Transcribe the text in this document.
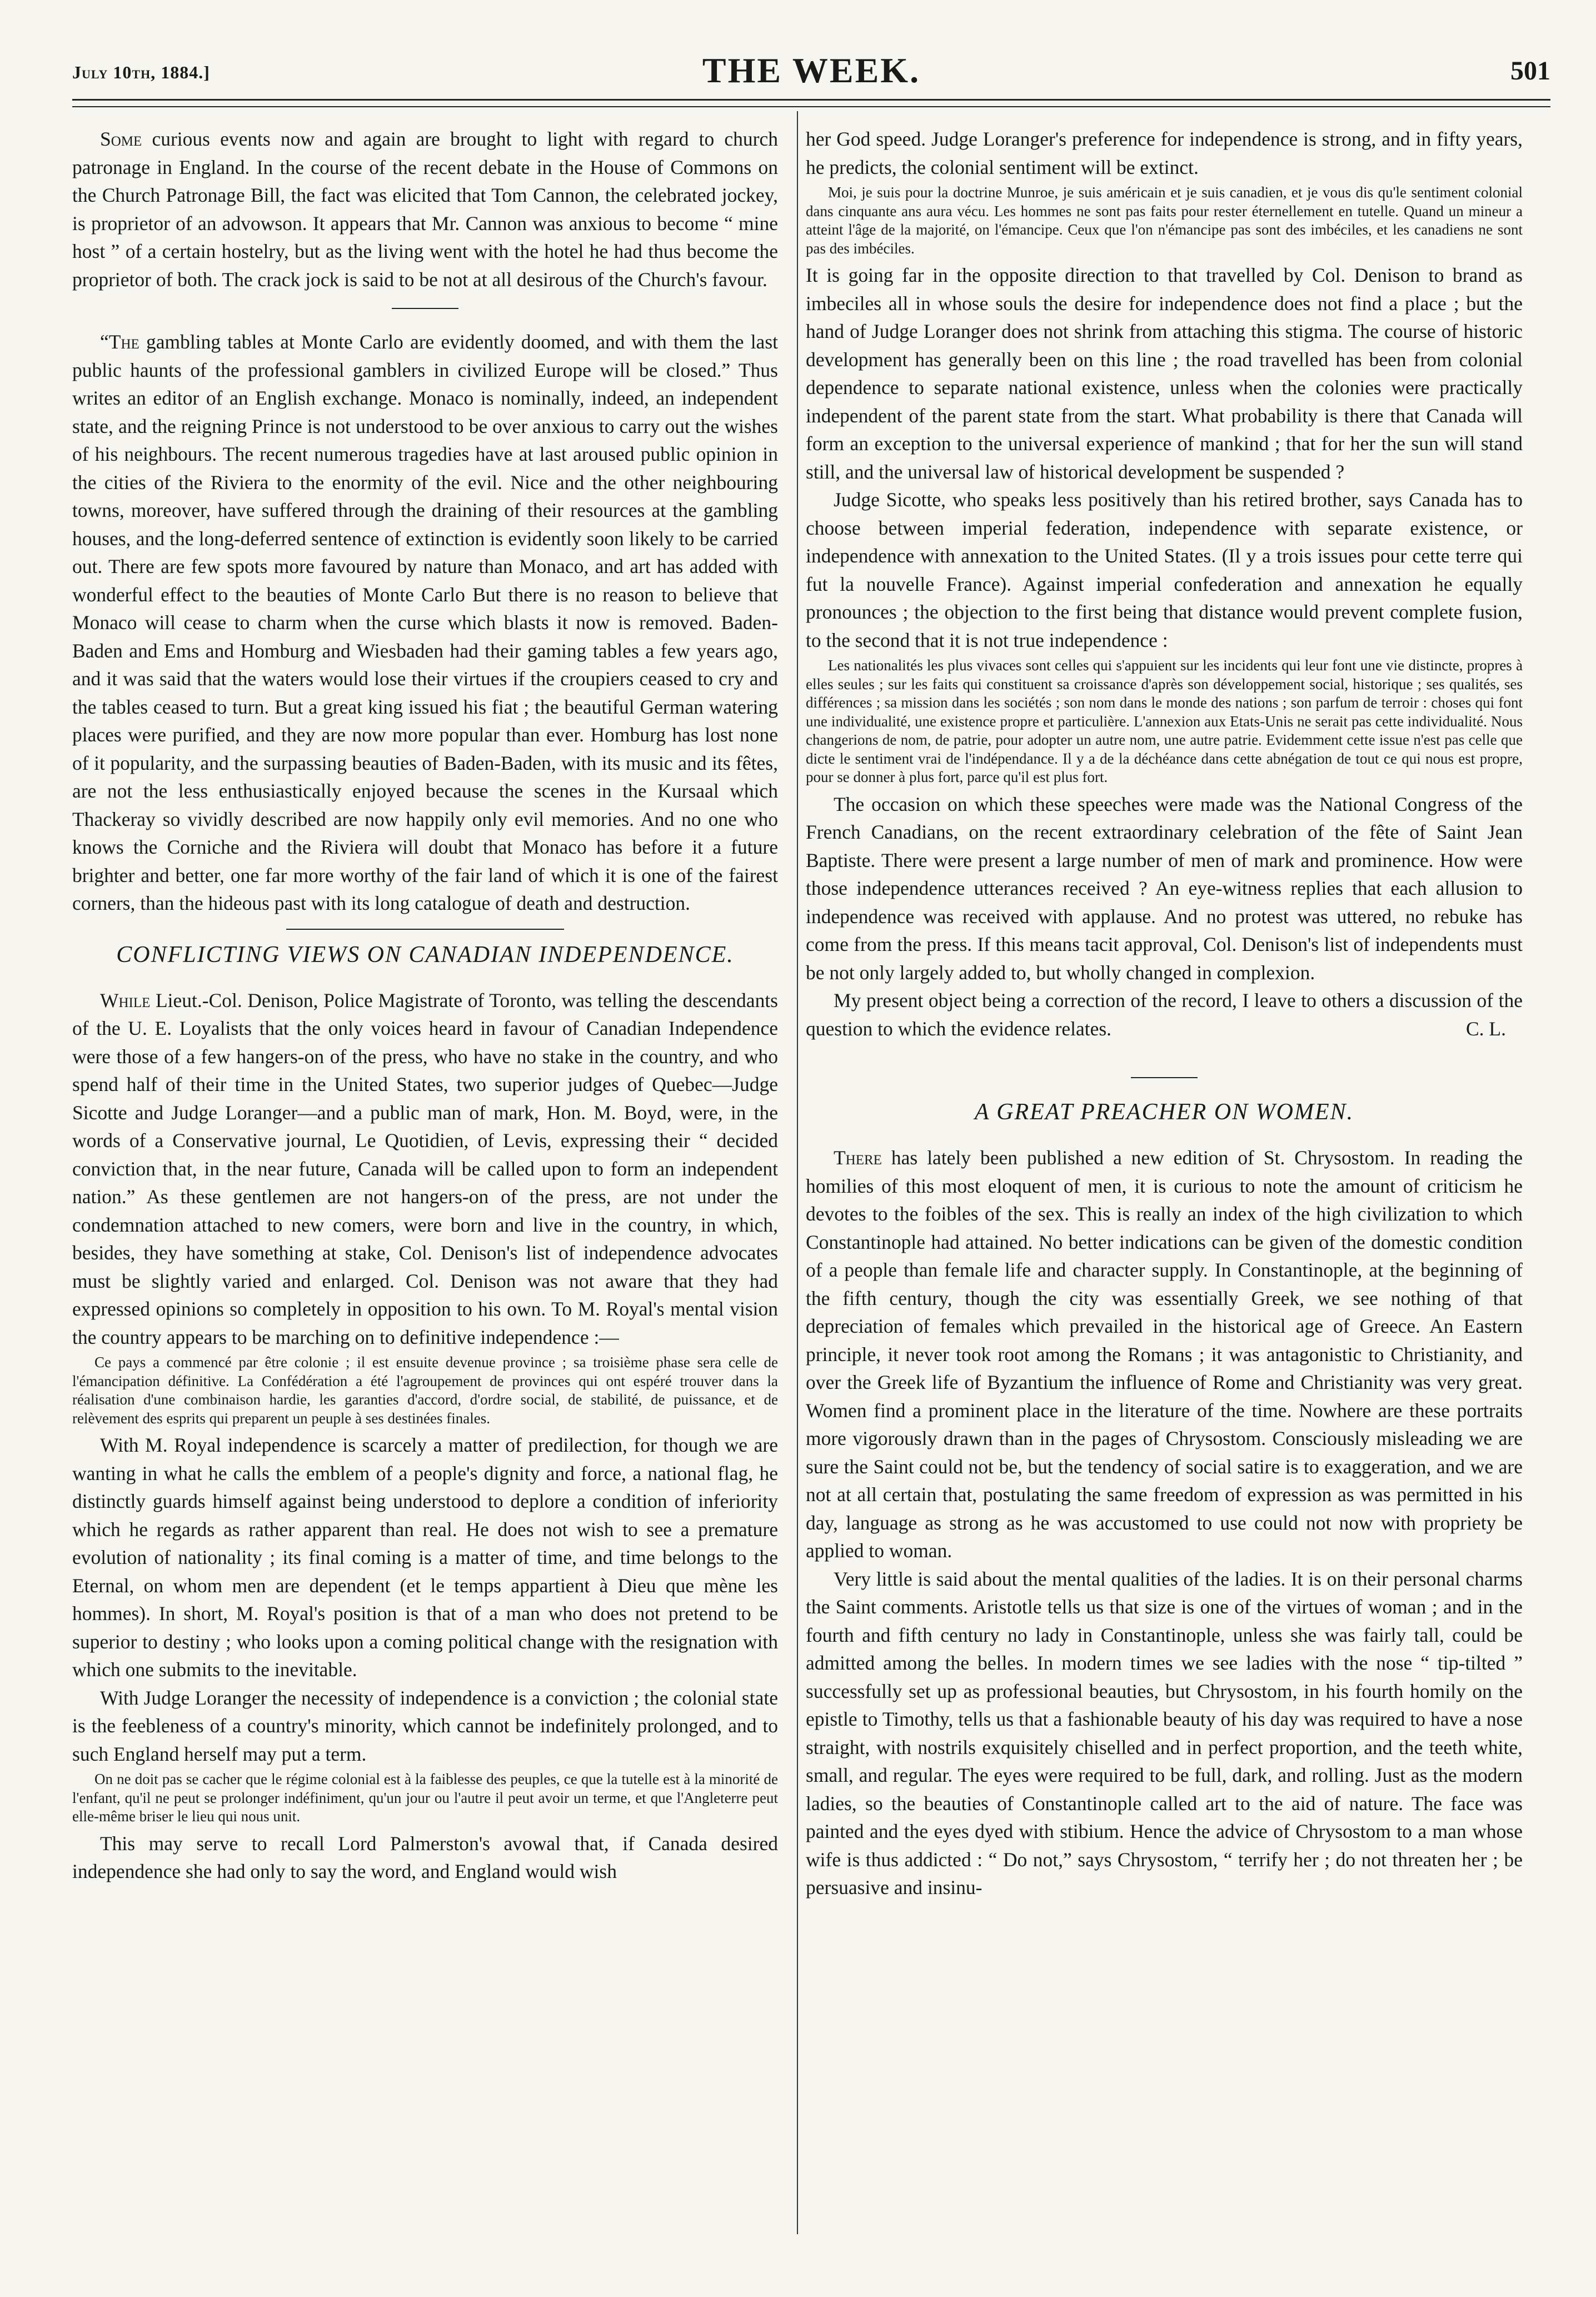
July 10th, 1884.]	THE WEEK.	501

Some curious events now and again are brought to light with regard to church patronage in England. In the course of the recent debate in the House of Commons on the Church Patronage Bill, the fact was elicited that Tom Cannon, the celebrated jockey, is proprietor of an advowson. It appears that Mr. Cannon was anxious to become “ mine host ” of a certain hostelry, but as the living went with the hotel he had thus become the proprietor of both. The crack jock is said to be not at all desirous of the Church's favour.

“The gambling tables at Monte Carlo are evidently doomed, and with them the last public haunts of the professional gamblers in civilized Europe will be closed.” Thus writes an editor of an English exchange. Monaco is nominally, indeed, an independent state, and the reigning Prince is not understood to be over anxious to carry out the wishes of his neighbours. The recent numerous tragedies have at last aroused public opinion in the cities of the Riviera to the enormity of the evil. Nice and the other neighbouring towns, moreover, have suffered through the draining of their resources at the gambling houses, and the long-deferred sentence of extinction is evidently soon likely to be carried out. There are few spots more favoured by nature than Monaco, and art has added with wonderful effect to the beauties of Monte Carlo But there is no reason to believe that Monaco will cease to charm when the curse which blasts it now is removed. Baden-Baden and Ems and Homburg and Wiesbaden had their gaming tables a few years ago, and it was said that the waters would lose their virtues if the croupiers ceased to cry and the tables ceased to turn. But a great king issued his fiat ; the beautiful German watering places were purified, and they are now more popular than ever. Homburg has lost none of it popularity, and the surpassing beauties of Baden-Baden, with its music and its fêtes, are not the less enthusiastically enjoyed because the scenes in the Kursaal which Thackeray so vividly described are now happily only evil memories. And no one who knows the Corniche and the Riviera will doubt that Monaco has before it a future brighter and better, one far more worthy of the fair land of which it is one of the fairest corners, than the hideous past with its long catalogue of death and destruction.

CONFLICTING VIEWS ON CANADIAN INDEPENDENCE.

While Lieut.-Col. Denison, Police Magistrate of Toronto, was telling the descendants of the U. E. Loyalists that the only voices heard in favour of Canadian Independence were those of a few hangers-on of the press, who have no stake in the country, and who spend half of their time in the United States, two superior judges of Quebec—Judge Sicotte and Judge Loranger—and a public man of mark, Hon. M. Boyd, were, in the words of a Conservative journal, Le Quotidien, of Levis, expressing their “ decided conviction that, in the near future, Canada will be called upon to form an independent nation.” As these gentlemen are not hangers-on of the press, are not under the condemnation attached to new comers, were born and live in the country, in which, besides, they have something at stake, Col. Denison's list of independence advocates must be slightly varied and enlarged. Col. Denison was not aware that they had expressed opinions so completely in opposition to his own. To M. Royal's mental vision the country appears to be marching on to definitive independence :—

Ce pays a commencé par être colonie ; il est ensuite devenue province ; sa troisième phase sera celle de l'émancipation définitive. La Confédération a été l'agroupement de provinces qui ont espéré trouver dans la réalisation d'une combinaison hardie, les garanties d'accord, d'ordre social, de stabilité, de puissance, et de relèvement des esprits qui preparent un peuple à ses destinées finales.

With M. Royal independence is scarcely a matter of predilection, for though we are wanting in what he calls the emblem of a people's dignity and force, a national flag, he distinctly guards himself against being understood to deplore a condition of inferiority which he regards as rather apparent than real. He does not wish to see a premature evolution of nationality ; its final coming is a matter of time, and time belongs to the Eternal, on whom men are dependent (et le temps appartient à Dieu que mène les hommes). In short, M. Royal's position is that of a man who does not pretend to be superior to destiny ; who looks upon a coming political change with the resignation with which one submits to the inevitable.

With Judge Loranger the necessity of independence is a conviction ; the colonial state is the feebleness of a country's minority, which cannot be indefinitely prolonged, and to such England herself may put a term.

On ne doit pas se cacher que le régime colonial est à la faiblesse des peuples, ce que la tutelle est à la minorité de l'enfant, qu'il ne peut se prolonger indéfiniment, qu'un jour ou l'autre il peut avoir un terme, et que l'Angleterre peut elle-même briser le lieu qui nous unit.

This may serve to recall Lord Palmerston's avowal that, if Canada desired independence she had only to say the word, and England would wish

her God speed. Judge Loranger's preference for independence is strong, and in fifty years, he predicts, the colonial sentiment will be extinct.

Moi, je suis pour la doctrine Munroe, je suis américain et je suis canadien, et je vous dis qu'le sentiment colonial dans cinquante ans aura vécu. Les hommes ne sont pas faits pour rester éternellement en tutelle. Quand un mineur a atteint l'âge de la majorité, on l'émancipe. Ceux que l'on n'émancipe pas sont des imbéciles, et les canadiens ne sont pas des imbéciles.

It is going far in the opposite direction to that travelled by Col. Denison to brand as imbeciles all in whose souls the desire for independence does not find a place ; but the hand of Judge Loranger does not shrink from attaching this stigma. The course of historic development has generally been on this line ; the road travelled has been from colonial dependence to separate national existence, unless when the colonies were practically independent of the parent state from the start. What probability is there that Canada will form an exception to the universal experience of mankind ; that for her the sun will stand still, and the universal law of historical development be suspended ?

Judge Sicotte, who speaks less positively than his retired brother, says Canada has to choose between imperial federation, independence with separate existence, or independence with annexation to the United States. (Il y a trois issues pour cette terre qui fut la nouvelle France). Against imperial confederation and annexation he equally pronounces ; the objection to the first being that distance would prevent complete fusion, to the second that it is not true independence :

Les nationalités les plus vivaces sont celles qui s'appuient sur les incidents qui leur font une vie distincte, propres à elles seules ; sur les faits qui constituent sa croissance d'après son développement social, historique ; ses qualités, ses différences ; sa mission dans les sociétés ; son nom dans le monde des nations ; son parfum de terroir : choses qui font une individualité, une existence propre et particulière. L'annexion aux Etats-Unis ne serait pas cette individualité. Nous changerions de nom, de patrie, pour adopter un autre nom, une autre patrie. Evidemment cette issue n'est pas celle que dicte le sentiment vrai de l'indépendance. Il y a de la déchéance dans cette abnégation de tout ce qui nous est propre, pour se donner à plus fort, parce qu'il est plus fort.

The occasion on which these speeches were made was the National Congress of the French Canadians, on the recent extraordinary celebration of the fête of Saint Jean Baptiste. There were present a large number of men of mark and prominence. How were those independence utterances received ? An eye-witness replies that each allusion to independence was received with applause. And no protest was uttered, no rebuke has come from the press. If this means tacit approval, Col. Denison's list of independents must be not only largely added to, but wholly changed in complexion.

My present object being a correction of the record, I leave to others a discussion of the question to which the evidence relates.	C. L.

A GREAT PREACHER ON WOMEN.

There has lately been published a new edition of St. Chrysostom. In reading the homilies of this most eloquent of men, it is curious to note the amount of criticism he devotes to the foibles of the sex. This is really an index of the high civilization to which Constantinople had attained. No better indications can be given of the domestic condition of a people than female life and character supply. In Constantinople, at the beginning of the fifth century, though the city was essentially Greek, we see nothing of that depreciation of females which prevailed in the historical age of Greece. An Eastern principle, it never took root among the Romans ; it was antagonistic to Christianity, and over the Greek life of Byzantium the influence of Rome and Christianity was very great. Women find a prominent place in the literature of the time. Nowhere are these portraits more vigorously drawn than in the pages of Chrysostom. Consciously misleading we are sure the Saint could not be, but the tendency of social satire is to exaggeration, and we are not at all certain that, postulating the same freedom of expression as was permitted in his day, language as strong as he was accustomed to use could not now with propriety be applied to woman.

Very little is said about the mental qualities of the ladies. It is on their personal charms the Saint comments. Aristotle tells us that size is one of the virtues of woman ; and in the fourth and fifth century no lady in Constantinople, unless she was fairly tall, could be admitted among the belles. In modern times we see ladies with the nose “ tip-tilted ” successfully set up as professional beauties, but Chrysostom, in his fourth homily on the epistle to Timothy, tells us that a fashionable beauty of his day was required to have a nose straight, with nostrils exquisitely chiselled and in perfect proportion, and the teeth white, small, and regular. The eyes were required to be full, dark, and rolling. Just as the modern ladies, so the beauties of Constantinople called art to the aid of nature. The face was painted and the eyes dyed with stibium. Hence the advice of Chrysostom to a man whose wife is thus addicted : “ Do not,” says Chrysostom, “ terrify her ; do not threaten her ; be persuasive and insinu-
